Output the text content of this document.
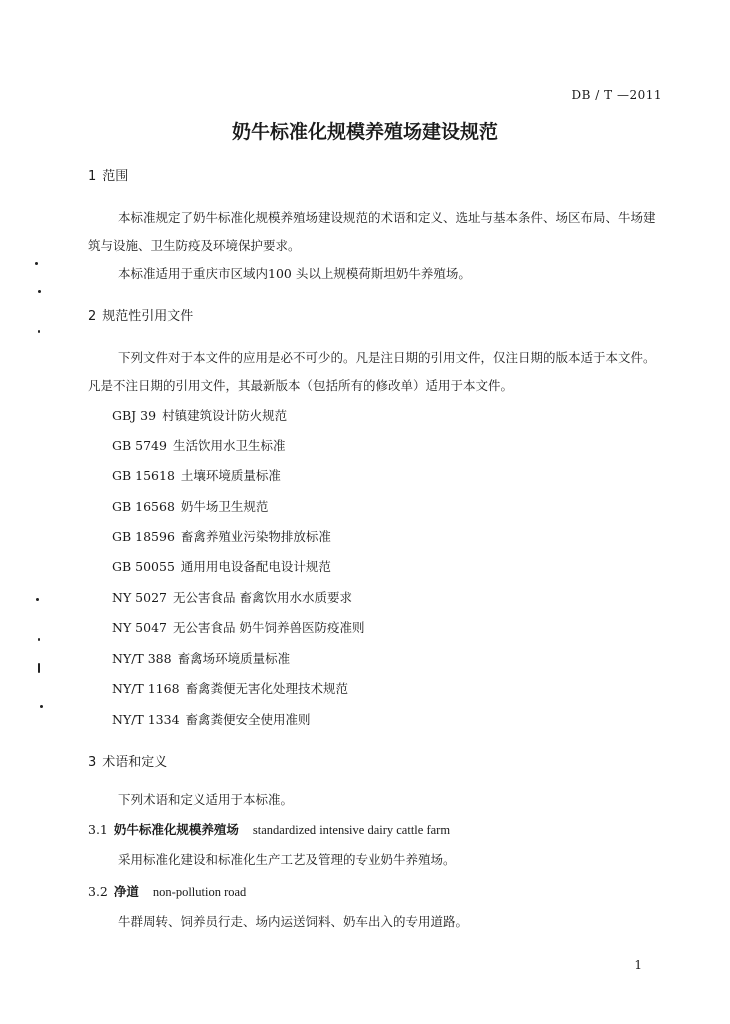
DB / T —2011
奶牛标准化规模养殖场建设规范
1 范围
本标准规定了奶牛标准化规模养殖场建设规范的术语和定义、选址与基本条件、场区布局、牛场建
筑与设施、卫生防疫及环境保护要求。
本标准适用于重庆市区域内100 头以上规模荷斯坦奶牛养殖场。
2 规范性引用文件
下列文件对于本文件的应用是必不可少的。凡是注日期的引用文件，仅注日期的版本适于本文件。
凡是不注日期的引用文件，其最新版本（包括所有的修改单）适用于本文件。
GBJ 39 村镇建筑设计防火规范
GB 5749 生活饮用水卫生标准
GB 15618 土壤环境质量标准
GB 16568 奶牛场卫生规范
GB 18596 畜禽养殖业污染物排放标准
GB 50055 通用用电设备配电设计规范
NY 5027 无公害食品 畜禽饮用水水质要求
NY 5047 无公害食品 奶牛饲养兽医防疫准则
NY/T 388 畜禽场环境质量标准
NY/T 1168 畜禽粪便无害化处理技术规范
NY/T 1334 畜禽粪便安全使用准则
3 术语和定义
下列术语和定义适用于本标准。
3.1 奶牛标准化规模养殖场 standardized intensive dairy cattle farm
采用标准化建设和标准化生产工艺及管理的专业奶牛养殖场。
3.2 净道 non-pollution road
牛群周转、饲养员行走、场内运送饲料、奶车出入的专用道路。
1
